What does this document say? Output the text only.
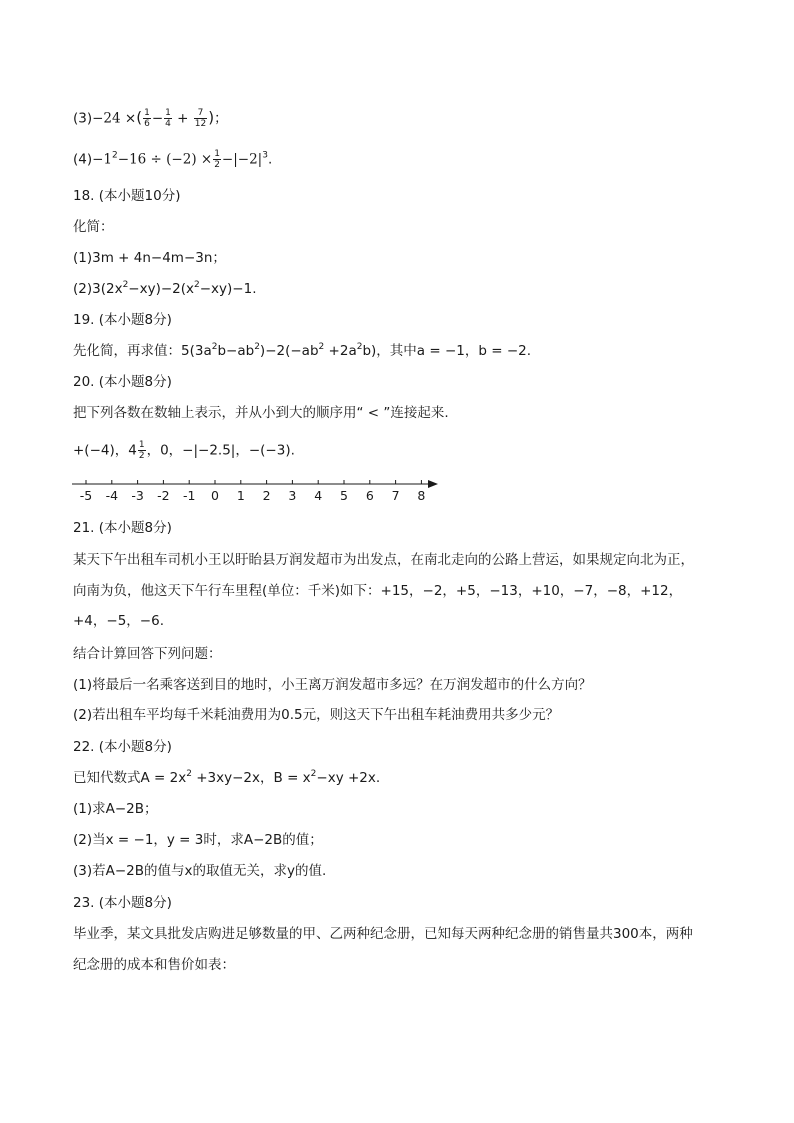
(3)−24 ×( $\frac{1}{6} - \frac{1}{4} + \frac{7}{12}$ )；
$(4)-1^2-16 \div (-2) \times \frac{1}{2} -|-2|^3$.
18. (本小题10分)
化简：
(1)3m + 4n−4m−3n；
$(2)3(2x^2-xy)-2(x^2-xy)-1$.
19. (本小题8分)
先化简，再求值：$5(3a^2b-ab^2)-2(-ab^2 +2a^2b)$，其中a = −1，b = −2.
20. (本小题8分)
把下列各数在数轴上表示，并从小到大的顺序用“ < ”连接起来.
+(−4)，$4 \frac{1}{2}$ ，0，−|−2.5|，−(−3).
-5 -4 -3 -2 -1 0 1 2 3 4 5 6 7 8
21. (本小题8分)
某天下午出租车司机小王以盱眙县万润发超市为出发点，在南北走向的公路上营运，如果规定向北为正，
向南为负，他这天下午行车里程(单位：千米)如下：+15，−2，+5，−13，+10，−7，−8，+12，
+4，−5，−6.
结合计算回答下列问题：
(1)将最后一名乘客送到目的地时，小王离万润发超市多远？在万润发超市的什么方向？
(2)若出租车平均每千米耗油费用为0.5元，则这天下午出租车耗油费用共多少元？
22. (本小题8分)
已知代数式$A = 2x^2 +3xy-2x$，$B = x^2-xy +2x$.
(1)求A−2B；
(2)当x = −1，y = 3时，求A−2B的值；
(3)若A−2B的值与x的取值无关，求y的值.
23. (本小题8分)
毕业季，某文具批发店购进足够数量的甲、乙两种纪念册，已知每天两种纪念册的销售量共300本，两种
纪念册的成本和售价如表：
